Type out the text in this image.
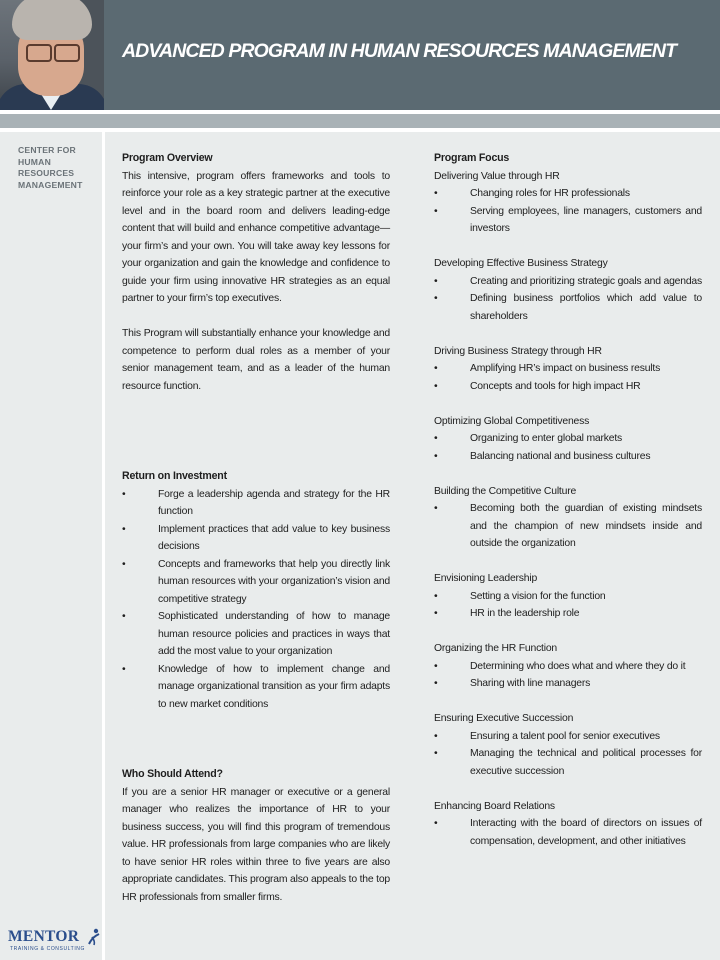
ADVANCED PROGRAM IN HUMAN RESOURCES MANAGEMENT
CENTER FOR HUMAN RESOURCES MANAGEMENT
Program Overview

This intensive, program offers frameworks and tools to reinforce your role as a key strategic partner at the executive level and in the board room and delivers leading-edge content that will build and enhance competitive advantage—your firm’s and your own. You will take away key lessons for your organization and gain the knowledge and confidence to guide your firm using innovative HR strategies as an equal partner to your firm’s top executives.

This Program will substantially enhance your knowledge and competence to perform dual roles as a member of your senior management team, and as a leader of the human resource function.

Return on Investment
•	Forge a leadership agenda and strategy for the HR function
•	Implement practices that add value to key business decisions
•	Concepts and frameworks that help you directly link human resources with your organization’s vision and competitive strategy
•	Sophisticated understanding of how to manage human resource policies and practices in ways that add the most value to your organization
•	Knowledge of how to implement change and manage organizational transition as your firm adapts to new market conditions
Who Should Attend?

If you are a senior HR manager or executive or a general manager who realizes the importance of HR to your business success, you will find this program of tremendous value. HR professionals from large companies who are likely to have senior HR roles within three to five years are also appropriate candidates. This program also appeals to the top HR professionals from smaller firms.

Program Focus
Delivering Value through HR
•	Changing roles for HR professionals
•	Serving employees, line managers, customers and investors
Developing Effective Business Strategy
•	Creating and prioritizing strategic goals and agendas
•	Defining business portfolios which add value to shareholders
Driving Business Strategy through HR
•	Amplifying HR’s impact on business results
•	Concepts and tools for high impact HR
Optimizing Global Competitiveness
•	Organizing to enter global markets
•	Balancing national and business cultures
Building the Competitive Culture
•	Becoming both the guardian of existing mindsets and the champion of new mindsets inside and outside the organization
Envisioning Leadership
•	Setting a vision for the function
•	HR in the leadership role
Organizing the HR Function
•	Determining who does what and where they do it
•	Sharing with line managers
Ensuring Executive Succession
•	Ensuring a talent pool for senior executives
•	Managing the technical and political processes for executive succession
Enhancing Board Relations
•	Interacting with the board of directors on issues of compensation, development, and other initiatives
MENTOR
TRAINING & CONSULTING
